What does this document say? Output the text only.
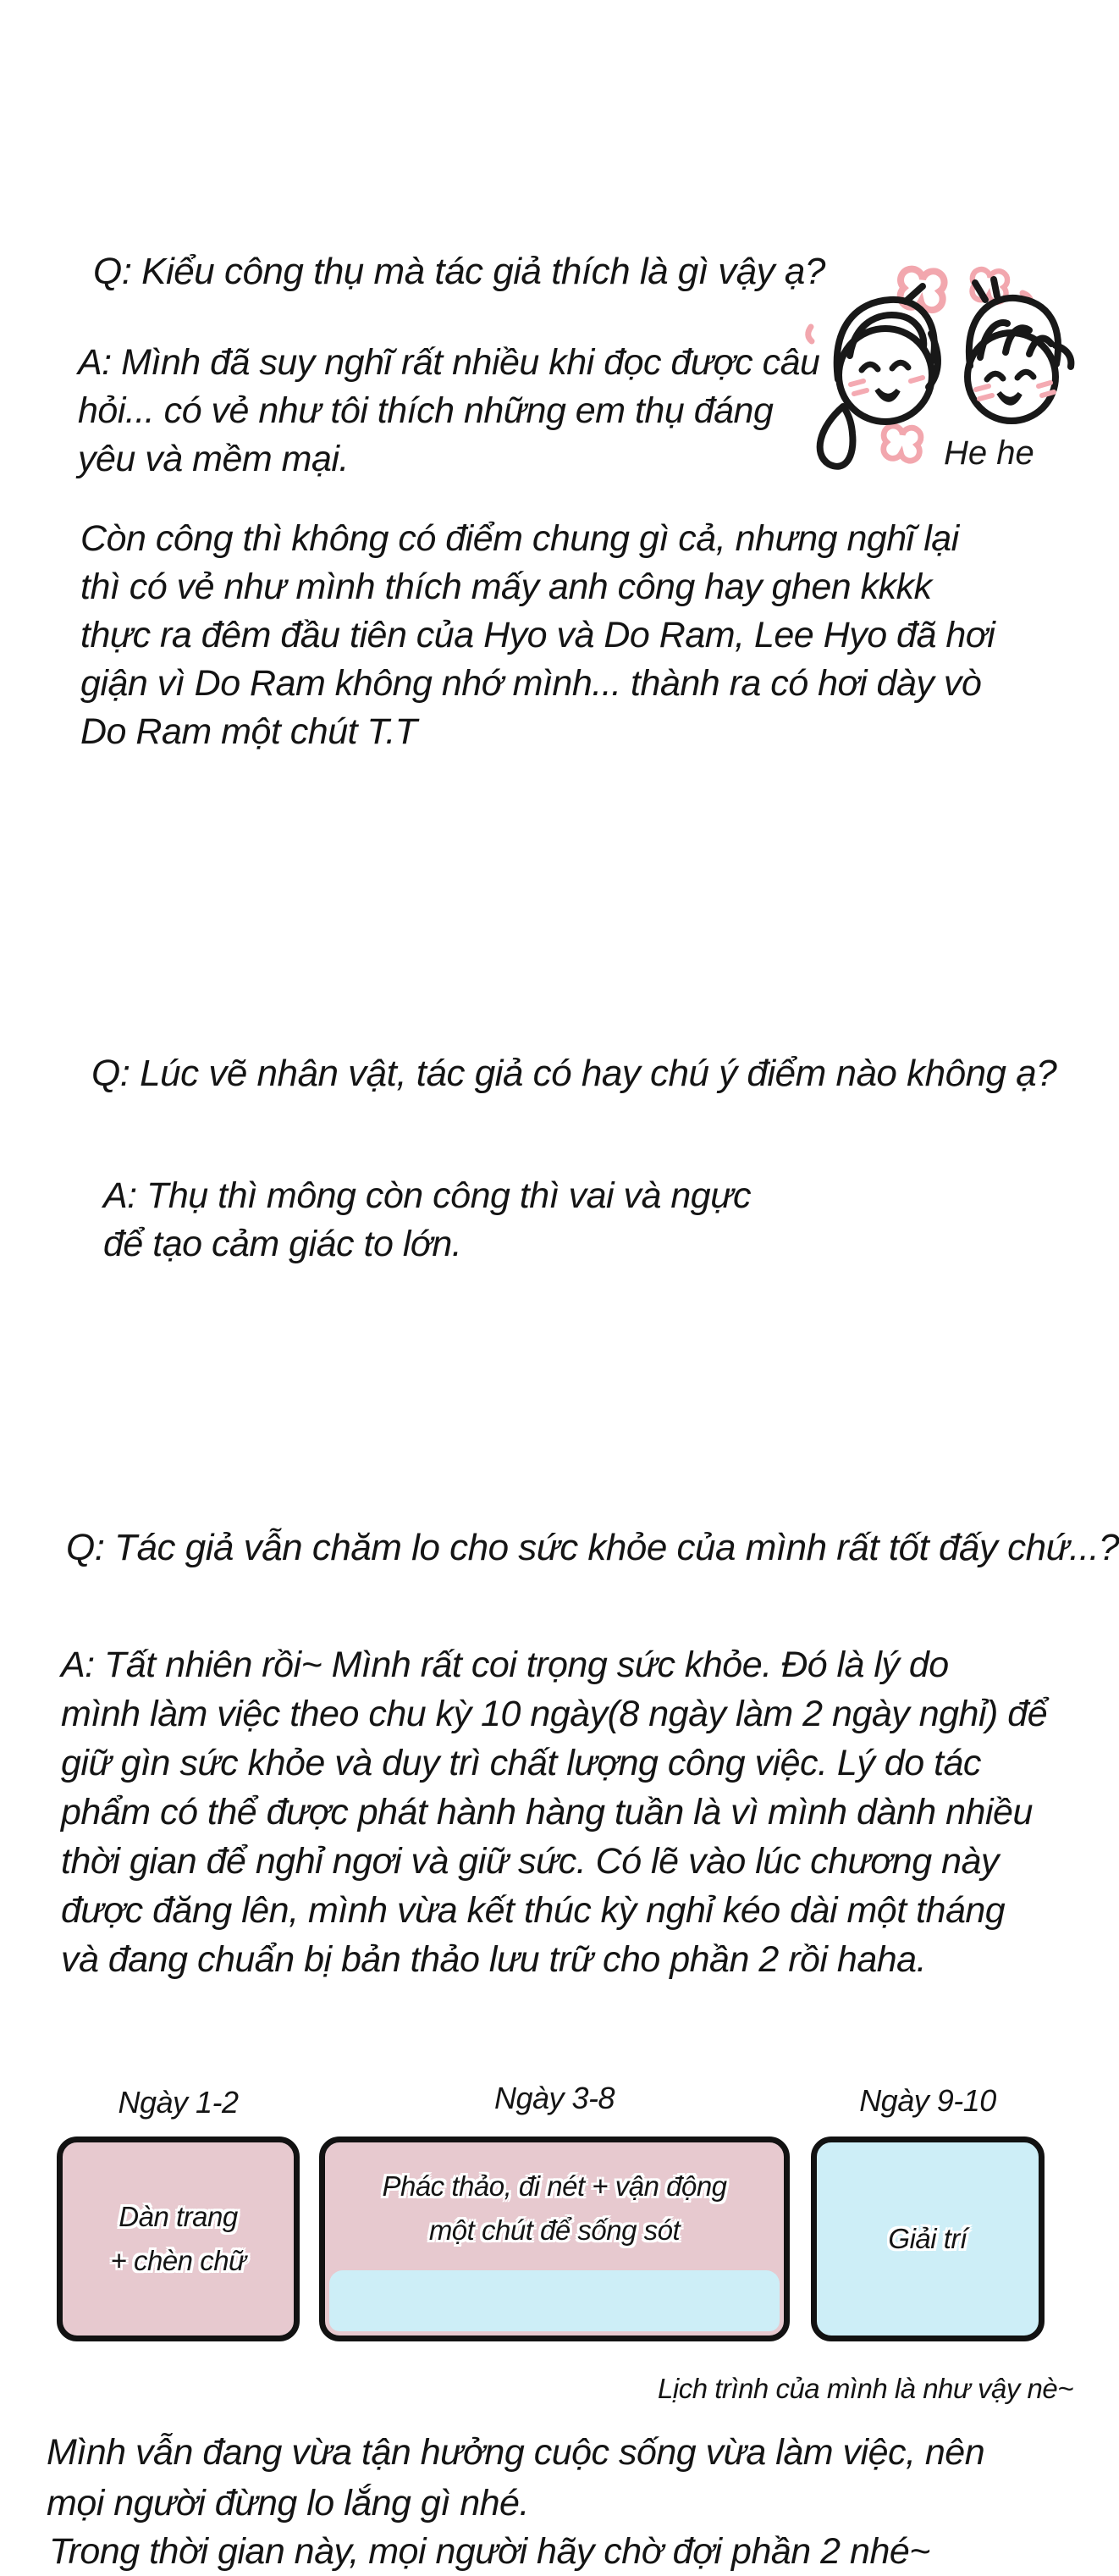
Q: Kiểu công thụ mà tác giả thích là gì vậy ạ?
He he
A: Mình đã suy nghĩ rất nhiều khi đọc được câu
hỏi... có vẻ như tôi thích những em thụ đáng
yêu và mềm mại.
Còn công thì không có điểm chung gì cả, nhưng nghĩ lại
thì có vẻ như mình thích mấy anh công hay ghen kkkk
thực ra đêm đầu tiên của Hyo và Do Ram, Lee Hyo đã hơi
giận vì Do Ram không nhớ mình... thành ra có hơi dày vò
Do Ram một chút T.T
Q: Lúc vẽ nhân vật, tác giả có hay chú ý điểm nào không ạ?
A: Thụ thì mông còn công thì vai và ngực
để tạo cảm giác to lớn.
Q: Tác giả vẫn chăm lo cho sức khỏe của mình rất tốt đấy chứ...?
A: Tất nhiên rồi~ Mình rất coi trọng sức khỏe. Đó là lý do
mình làm việc theo chu kỳ 10 ngày(8 ngày làm 2 ngày nghỉ) để
giữ gìn sức khỏe và duy trì chất lượng công việc. Lý do tác
phẩm có thể được phát hành hàng tuần là vì mình dành nhiều
thời gian để nghỉ ngơi và giữ sức. Có lẽ vào lúc chương này
được đăng lên, mình vừa kết thúc kỳ nghỉ kéo dài một tháng
và đang chuẩn bị bản thảo lưu trữ cho phần 2 rồi haha.
Ngày 1-2	Ngày 3-8	Ngày 9-10
Dàn trang
+ chèn chữ
Phác thảo, đi nét + vận động
một chút để sống sót	Giải trí
Lịch trình của mình là như vậy nè~
Mình vẫn đang vừa tận hưởng cuộc sống vừa làm việc, nên
mọi người đừng lo lắng gì nhé.
Trong thời gian này, mọi người hãy chờ đợi phần 2 nhé~
